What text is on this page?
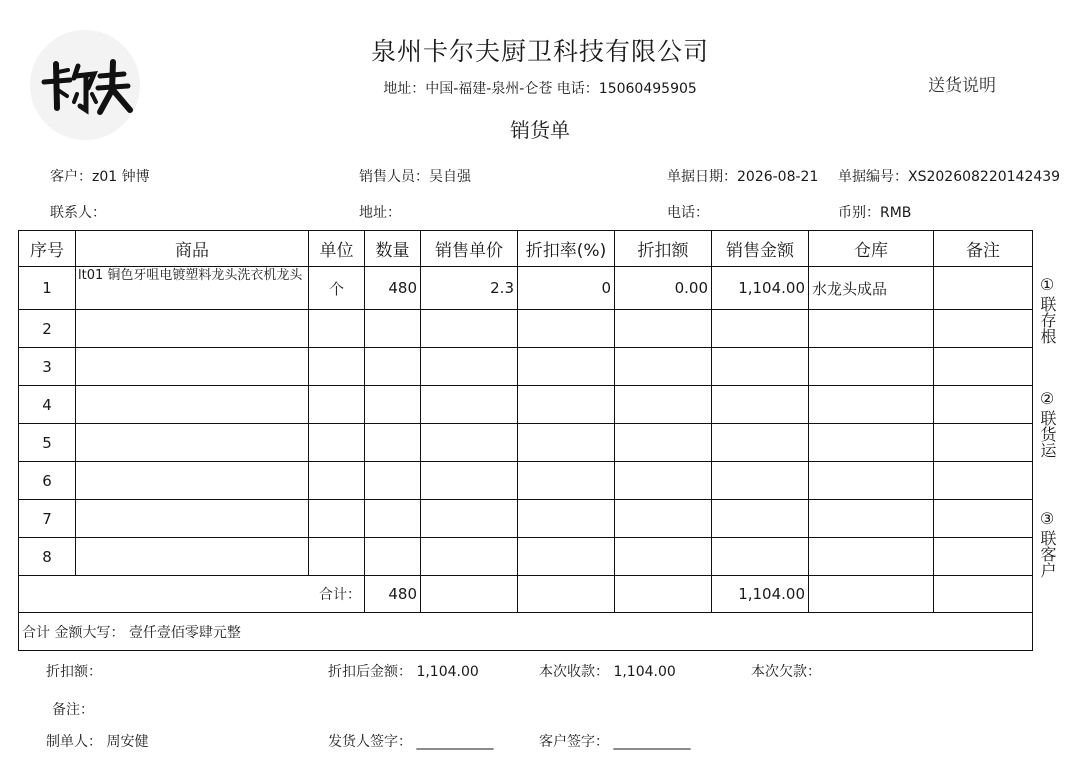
泉州卡尔夫厨卫科技有限公司
地址：中国-福建-泉州-仑苍 电话：15060495905
销货单
送货说明
客户：z01 钟博	销售人员：吴自强	单据日期：2026-08-21 单据编号：XS202608220142439
联系人：	地址：	电话：	币别：RMB
序号	商品	单位	数量	销售单价	折扣率(%)	折扣额	销售金额	仓库	备注
1	lt01 铜色牙咀电镀塑料龙头洗衣机龙头	个	480	2.3	0	0.00	1,104.00	水龙头成品	
2									
3									
4									
5									
6									
7									
8									
合计：			480				1,104.00		
合计 金额大写： 壹仟壹佰零肆元整									
①
联存根
②
联货运
③
联客户
折扣额：	折扣后金额： 1,104.00	本次收款： 1,104.00	本次欠款：
备注：
制单人： 周安健	发货人签字： ___________	客户签字： ___________
